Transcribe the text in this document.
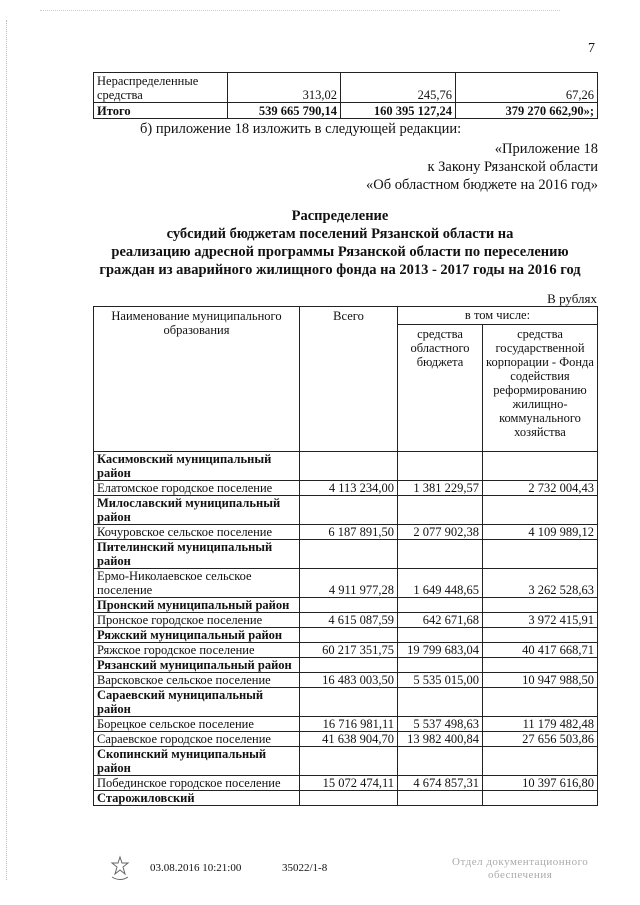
7
Нераспределенные средства	313,02	245,76	67,26
Итого	539 665 790,14	160 395 127,24	379 270 662,90»;
б) приложение 18 изложить в следующей редакции:
«Приложение 18
к Закону Рязанской области
«Об областном бюджете на 2016 год»
Распределение
субсидий бюджетам поселений Рязанской области на
реализацию адресной программы Рязанской области по переселению
граждан из аварийного жилищного фонда на 2013 - 2017 годы на 2016 год
В рублях
Наименование муниципального образования	Всего	в том числе:	
		средства областного бюджета	средства государственной корпорации - Фонда содействия реформированию жилищно-коммунального хозяйства
Касимовский муниципальный район			
Елатомское городское поселение	4 113 234,00	1 381 229,57	2 732 004,43
Милославский муниципальный район			
Кочуровское сельское поселение	6 187 891,50	2 077 902,38	4 109 989,12
Пителинский муниципальный район			
Ермо-Николаевское сельское поселение	4 911 977,28	1 649 448,65	3 262 528,63
Пронский муниципальный район			
Пронское городское поселение	4 615 087,59	642 671,68	3 972 415,91
Ряжский муниципальный район			
Ряжское городское поселение	60 217 351,75	19 799 683,04	40 417 668,71
Рязанский муниципальный район			
Варсковское сельское поселение	16 483 003,50	5 535 015,00	10 947 988,50
Сараевский муниципальный район			
Борецкое сельское поселение	16 716 981,11	5 537 498,63	11 179 482,48
Сараевское городское поселение	41 638 904,70	13 982 400,84	27 656 503,86
Скопинский муниципальный район			
Побединское городское поселение	15 072 474,11	4 674 857,31	10 397 616,80
Старожиловский			
03.08.2016 10:21:00	35022/1-8	Отдел документационного
обеспечения
